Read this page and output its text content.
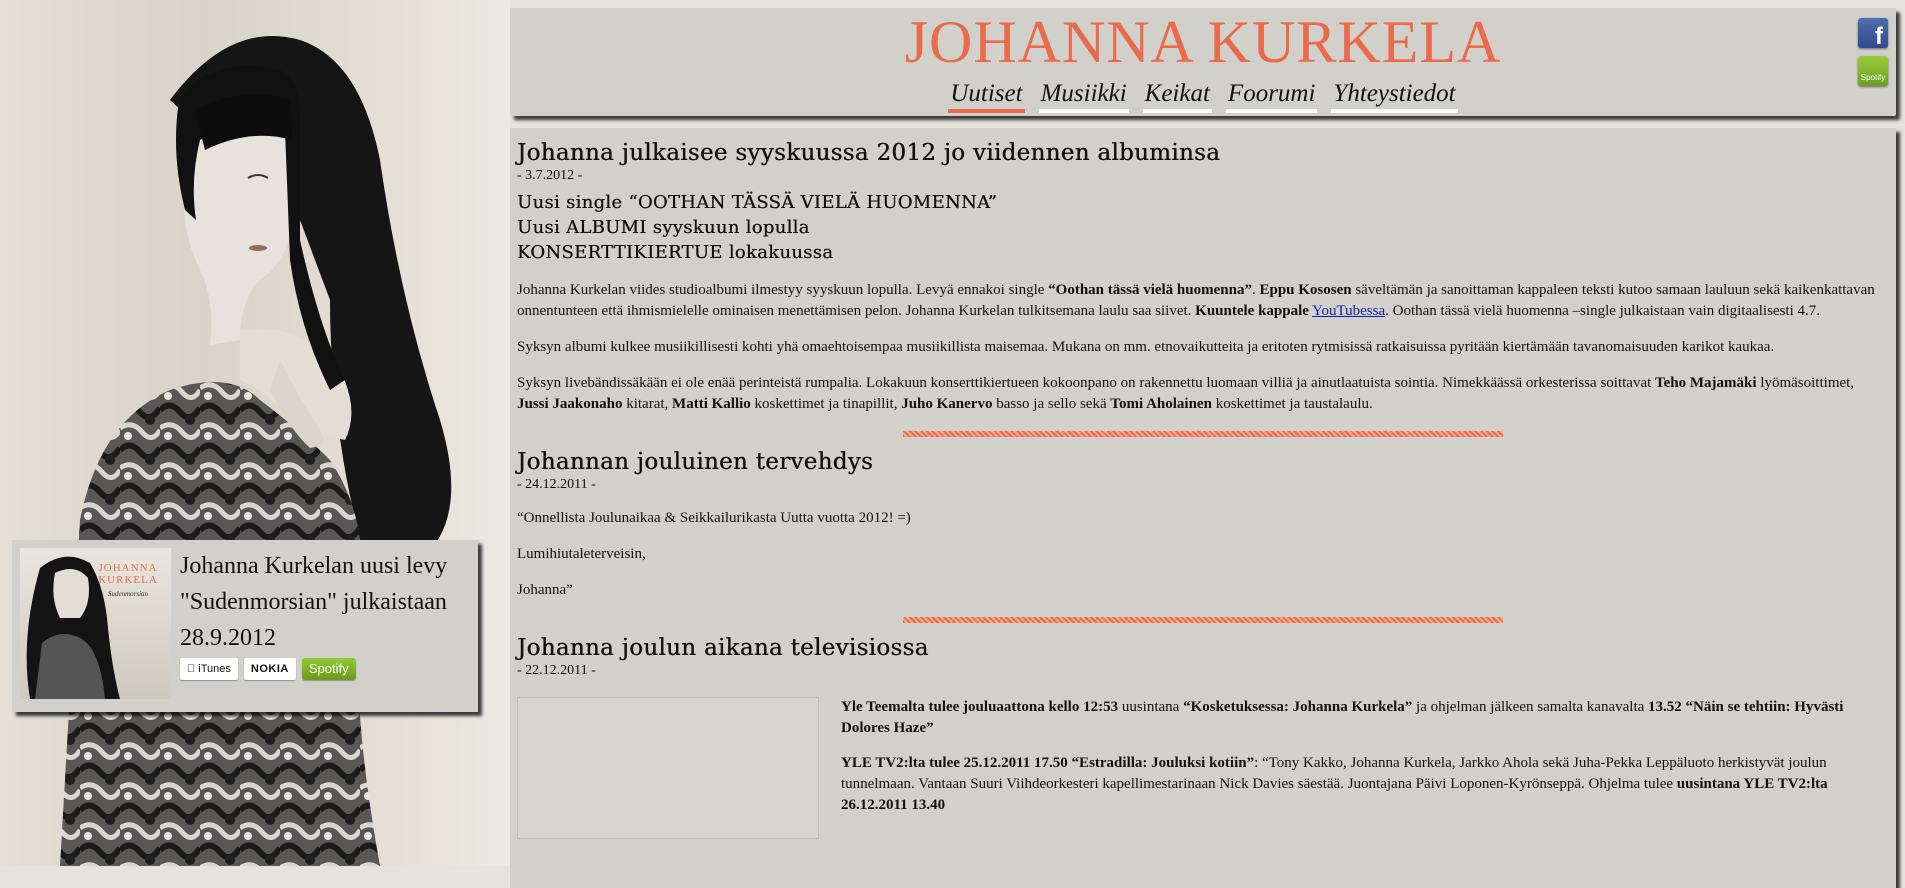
JOHANNA KURKELA
Uutiset Musiikki Keikat Foorumi Yhteystiedot
f
Spotify
Johanna julkaisee syyskuussa 2012 jo viidennen albuminsa
- 3.7.2012 -
Uusi single “OOTHAN TÄSSÄ VIELÄ HUOMENNA”
Uusi ALBUMI syyskuun lopulla
KONSERTTIKIERTUE lokakuussa

Johanna Kurkelan viides studioalbumi ilmestyy syyskuun lopulla. Levyä ennakoi single “Oothan tässä vielä huomenna”. Eppu Kososen säveltämän ja sanoittaman kappaleen teksti kutoo samaan lauluun sekä kaikenkattavan onnentunteen että ihmismielelle ominaisen menettämisen pelon. Johanna Kurkelan tulkitsemana laulu saa siivet. Kuuntele kappale YouTubessa. Oothan tässä vielä huomenna –single julkaistaan vain digitaalisesti 4.7.

Syksyn albumi kulkee musiikillisesti kohti yhä omaehtoisempaa musiikillista maisemaa. Mukana on mm. etnovaikutteita ja eritoten rytmisissä ratkaisuissa pyritään kiertämään tavanomaisuuden karikot kaukaa.

Syksyn livebändissäkään ei ole enää perinteistä rumpalia. Lokakuun konserttikiertueen kokoonpano on rakennettu luomaan villiä ja ainutlaatuista sointia. Nimekkäässä orkesterissa soittavat Teho Majamäki lyömäsoittimet, Jussi Jaakonaho kitarat, Matti Kallio koskettimet ja tinapillit, Juho Kanervo basso ja sello sekä Tomi Aholainen koskettimet ja taustalaulu.

Johannan jouluinen tervehdys
- 24.12.2011 -

“Onnellista Joulunaikaa & Seikkailurikasta Uutta vuotta 2012! =)

Lumihiutaleterveisin,

Johanna”

Johanna joulun aikana televisiossa
- 22.12.2011 -

Yle Teemalta tulee jouluaattona kello 12:53 uusintana “Kosketuksessa: Johanna Kurkela” ja ohjelman jälkeen samalta kanavalta 13.52 “Näin se tehtiin: Hyvästi Dolores Haze”

YLE TV2:lta tulee 25.12.2011 17.50 “Estradilla: Jouluksi kotiin”: “Tony Kakko, Johanna Kurkela, Jarkko Ahola sekä Juha-Pekka Leppäluoto herkistyvät joulun tunnelmaan. Vantaan Suuri Viihdeorkesteri kapellimestarinaan Nick Davies säestää. Juontajana Päivi Loponen-Kyrönseppä. Ohjelma tulee uusintana YLE TV2:lta 26.12.2011 13.40

JOHANNA KURKELA
Sudenmorsian
Johanna Kurkelan uusi levy "Sudenmorsian" julkaistaan 28.9.2012
iTunes	NOKIA	Spotify
